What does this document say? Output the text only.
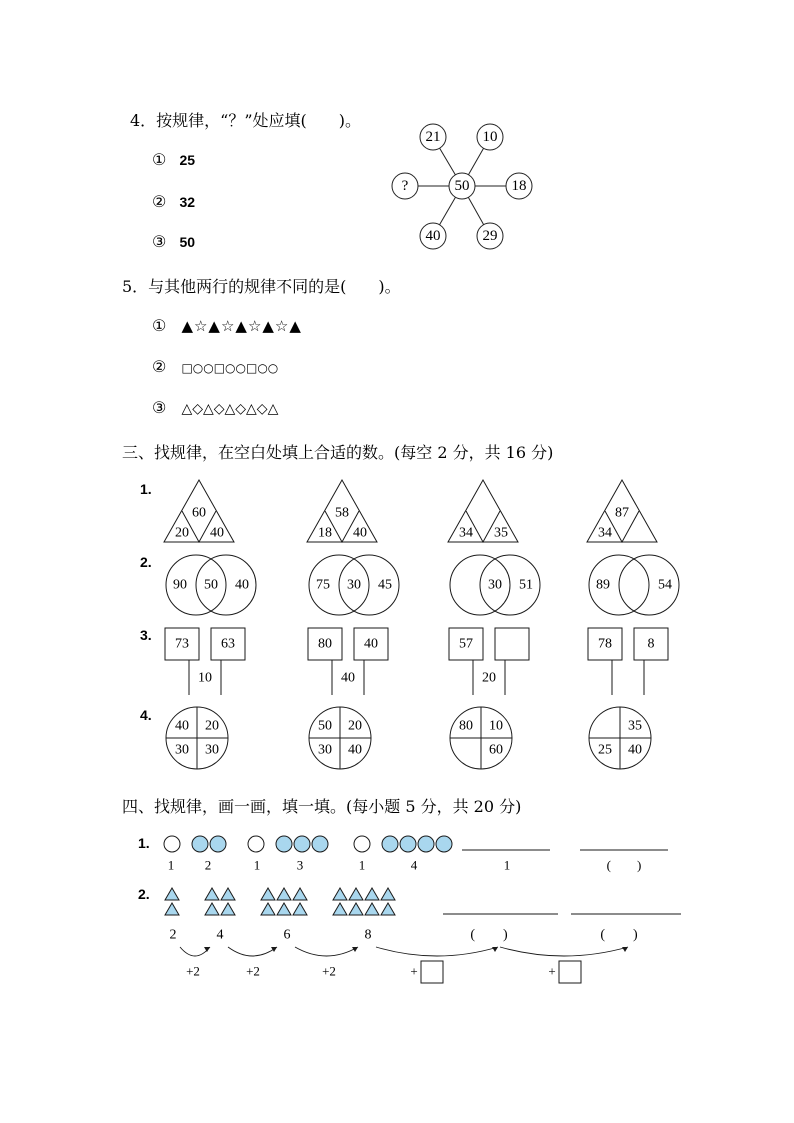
4．按规律，“？”处应填(　　)。
① 25
② 32
③ 50
50
21	10
18
29
40
?
5．与其他两行的规律不同的是(　　)。
① ▲☆▲☆▲☆▲☆▲
② □○○□○○□○○
③ △◇△◇△◇△◇△
三、找规律，在空白处填上合适的数。(每空 2 分，共 16 分)
1.
2.
3.
4.
60
20 40
58
18 40	34 35
87
34
90 50 40	75 30 45	30 51	89	54
73 63
10
80 40
40
57
20
78	8
40 20
30 30
50 20
30 40
80 10
60
35
25 40
四、找规律，画一画，填一填。(每小题 5 分，共 20 分)
1.
2.
1 2	1	3	1	4	1	(　　)
2	4	6	8	(　　)	(　　)
+2	+2	+2	+	+
